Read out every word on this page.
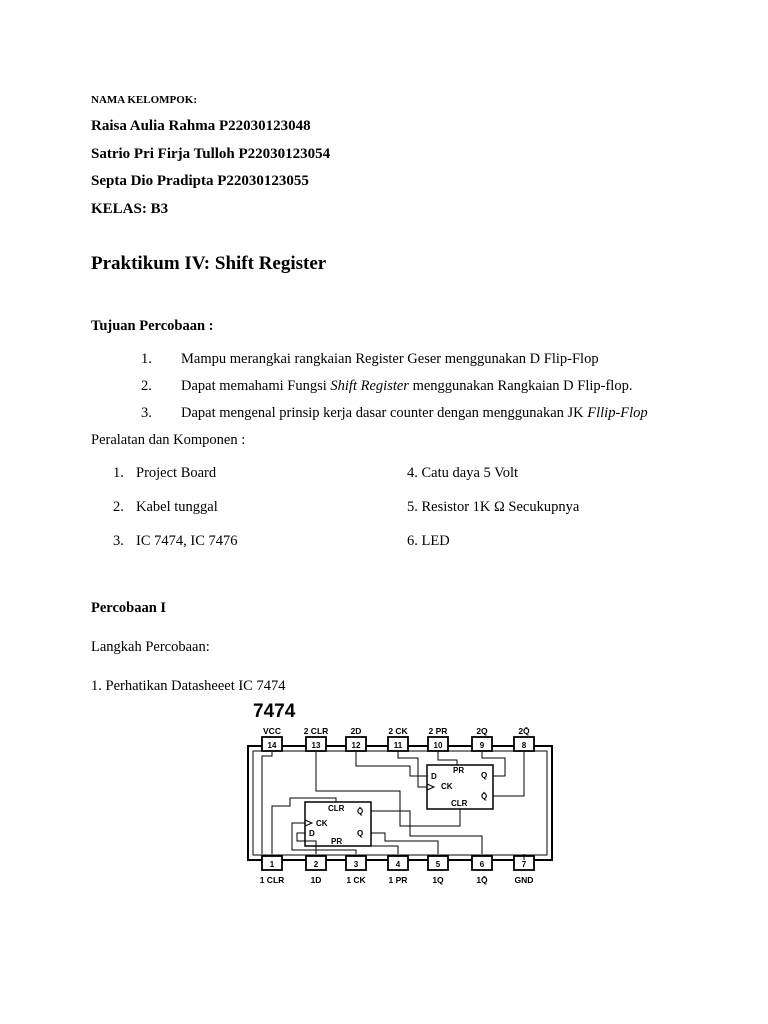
NAMA KELOMPOK:
Raisa Aulia Rahma P22030123048
Satrio Pri Firja Tulloh P22030123054
Septa Dio Pradipta P22030123055
KELAS: B3
Praktikum IV: Shift Register
Tujuan Percobaan :
1. Mampu merangkai rangkaian Register Geser menggunakan D Flip-Flop
2. Dapat memahami Fungsi Shift Register menggunakan Rangkaian D Flip-flop.
3. Dapat mengenal prinsip kerja dasar counter dengan menggunakan JK Fllip-Flop
Peralatan dan Komponen :
1. Project Board
2. Kabel tunggal
3. IC 7474, IC 7476
4. Catu daya 5 Volt
5. Resistor 1K Ω Secukupnya
6. LED
Percobaan I
Langkah Percobaan:
1. Perhatikan Datasheeet IC 7474
7474
14
VCC
13
2 CLR
12
2D
11
2 CK
10
2 PR
9
2Q
8
2Q̄
1
1 CLR
2
1D
3
1 CK
4
1 PR
5
1Q
6
1Q̄
7
GND
PR
D
CK
CLR
Q
Q̄
CLR
CK
D
PR
Q̄
Q
